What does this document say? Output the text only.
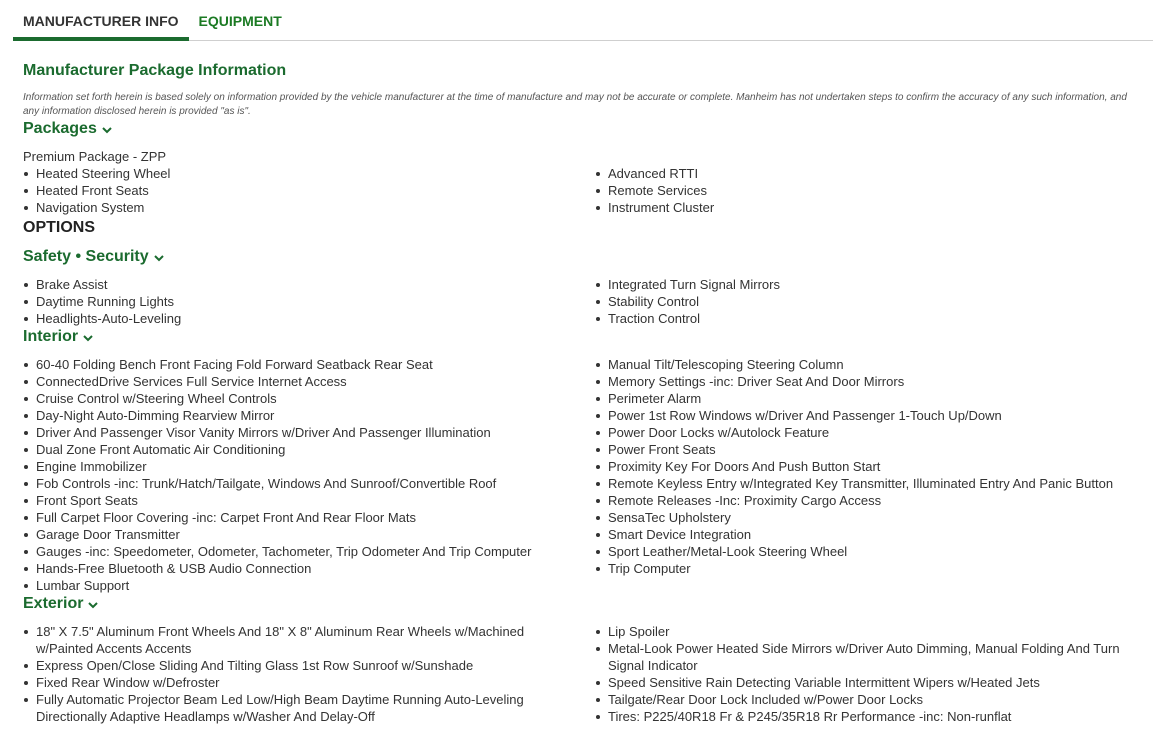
MANUFACTURER INFO	EQUIPMENT
Manufacturer Package Information

Information set forth herein is based solely on information provided by the vehicle manufacturer at the time of manufacture and may not be accurate or complete. Manheim has not undertaken steps to confirm the accuracy of any such information, and any information disclosed herein is provided "as is".

Packages
Premium Package - ZPP
Heated Steering Wheel
Heated Front Seats
Navigation System
Advanced RTTI
Remote Services
Instrument Cluster
OPTIONS
Safety • Security
Brake Assist
Daytime Running Lights
Headlights-Auto-Leveling
Integrated Turn Signal Mirrors
Stability Control
Traction Control
Interior
60-40 Folding Bench Front Facing Fold Forward Seatback Rear Seat
ConnectedDrive Services Full Service Internet Access
Cruise Control w/Steering Wheel Controls
Day-Night Auto-Dimming Rearview Mirror
Driver And Passenger Visor Vanity Mirrors w/Driver And Passenger Illumination
Dual Zone Front Automatic Air Conditioning
Engine Immobilizer
Fob Controls -inc: Trunk/Hatch/Tailgate, Windows And Sunroof/Convertible Roof
Front Sport Seats
Full Carpet Floor Covering -inc: Carpet Front And Rear Floor Mats
Garage Door Transmitter
Gauges -inc: Speedometer, Odometer, Tachometer, Trip Odometer And Trip Computer
Hands-Free Bluetooth & USB Audio Connection
Lumbar Support
Manual Tilt/Telescoping Steering Column
Memory Settings -inc: Driver Seat And Door Mirrors
Perimeter Alarm
Power 1st Row Windows w/Driver And Passenger 1-Touch Up/Down
Power Door Locks w/Autolock Feature
Power Front Seats
Proximity Key For Doors And Push Button Start
Remote Keyless Entry w/Integrated Key Transmitter, Illuminated Entry And Panic Button
Remote Releases -Inc: Proximity Cargo Access
SensaTec Upholstery
Smart Device Integration
Sport Leather/Metal-Look Steering Wheel
Trip Computer
Exterior
18" X 7.5" Aluminum Front Wheels And 18" X 8" Aluminum Rear Wheels w/Machined w/Painted Accents Accents
Express Open/Close Sliding And Tilting Glass 1st Row Sunroof w/Sunshade
Fixed Rear Window w/Defroster
Fully Automatic Projector Beam Led Low/High Beam Daytime Running Auto-Leveling Directionally Adaptive Headlamps w/Washer And Delay-Off
Lip Spoiler
Metal-Look Power Heated Side Mirrors w/Driver Auto Dimming, Manual Folding And Turn Signal Indicator
Speed Sensitive Rain Detecting Variable Intermittent Wipers w/Heated Jets
Tailgate/Rear Door Lock Included w/Power Door Locks
Tires: P225/40R18 Fr & P245/35R18 Rr Performance -inc: Non-runflat
